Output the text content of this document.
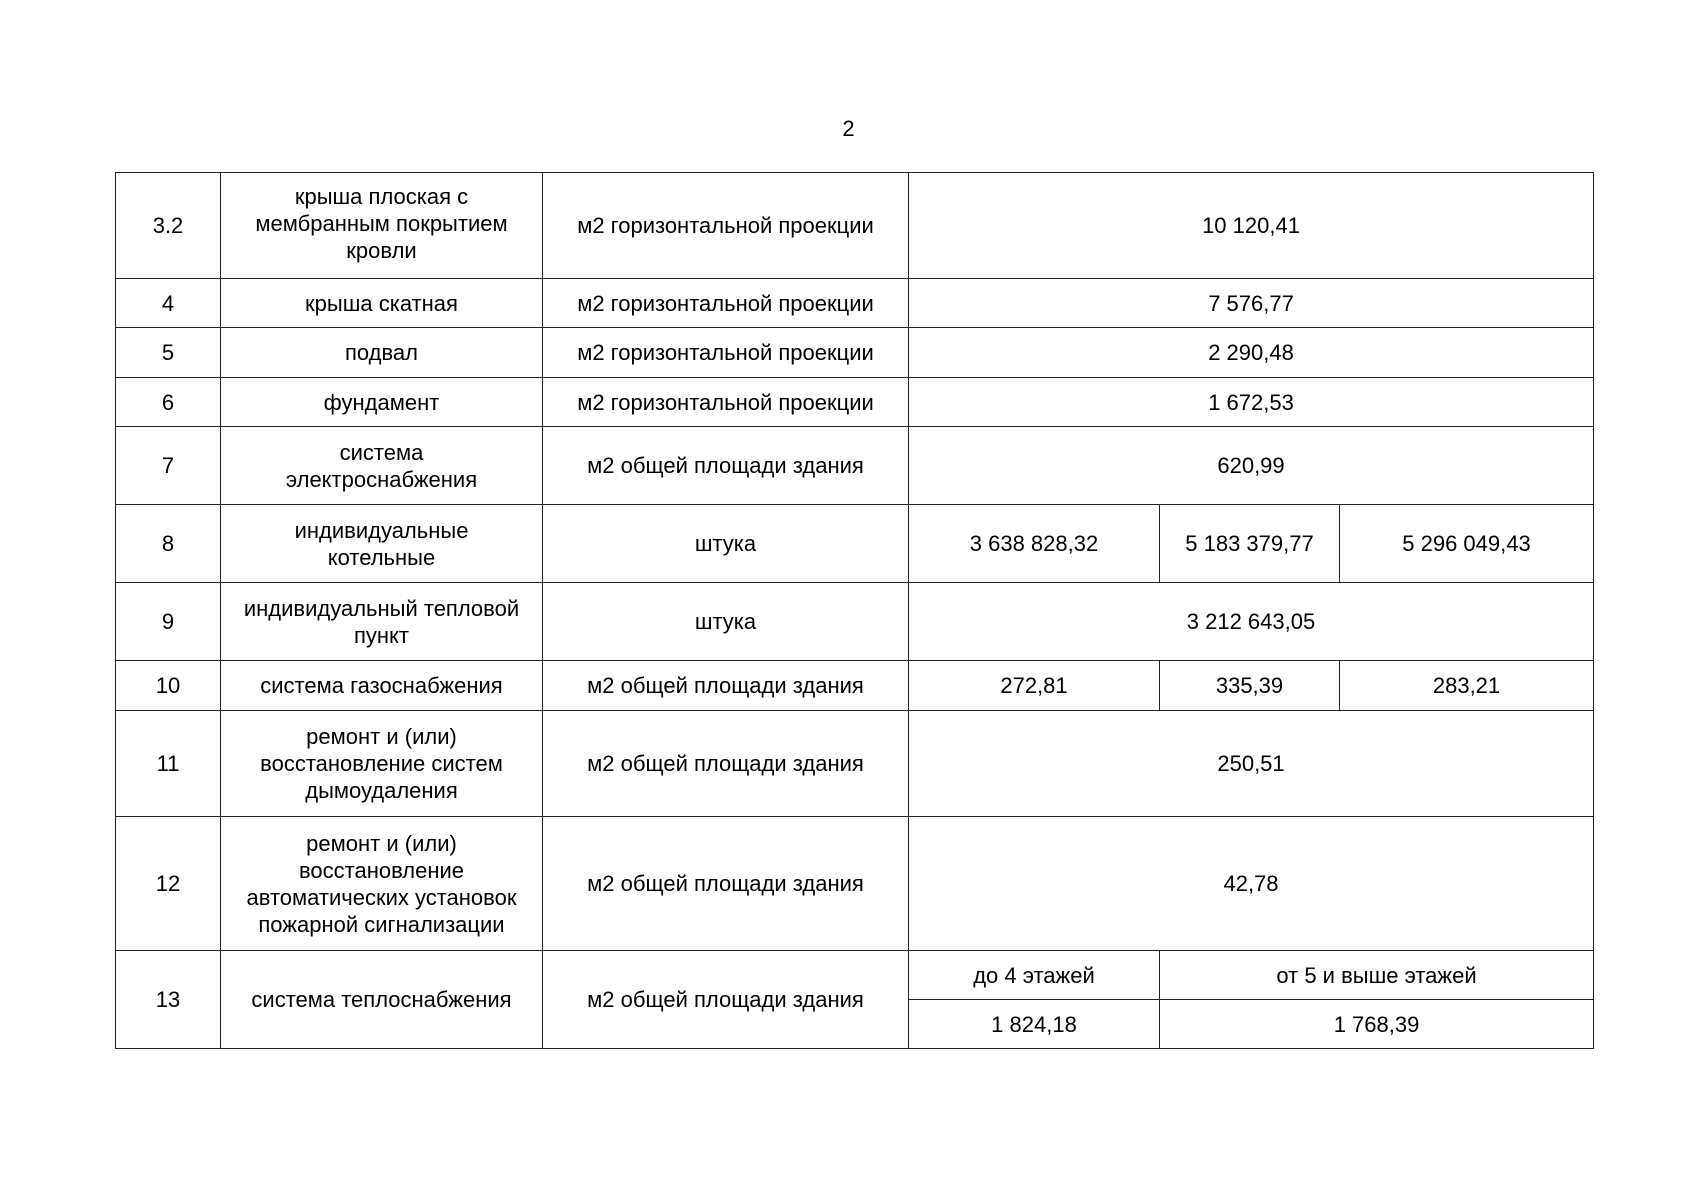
2
3.2	крыша плоская с мембранным покрытием кровли	м2 горизонтальной проекции	10 120,41		
4	крыша скатная	м2 горизонтальной проекции	7 576,77		
5	подвал	м2 горизонтальной проекции	2 290,48		
6	фундамент	м2 горизонтальной проекции	1 672,53		
7	система электроснабжения	м2 общей площади здания	620,99		
8	индивидуальные котельные	штука	3 638 828,32	5 183 379,77	5 296 049,43
9	индивидуальный тепловой пункт	штука	3 212 643,05		
10	система газоснабжения	м2 общей площади здания	272,81	335,39	283,21
11	ремонт и (или) восстановление систем дымоудаления	м2 общей площади здания	250,51		
12	ремонт и (или) восстановление автоматических установок пожарной сигнализации	м2 общей площади здания	42,78		
13	система теплоснабжения	м2 общей площади здания	до 4 этажей	от 5 и выше этажей	
			1 824,18	1 768,39	
